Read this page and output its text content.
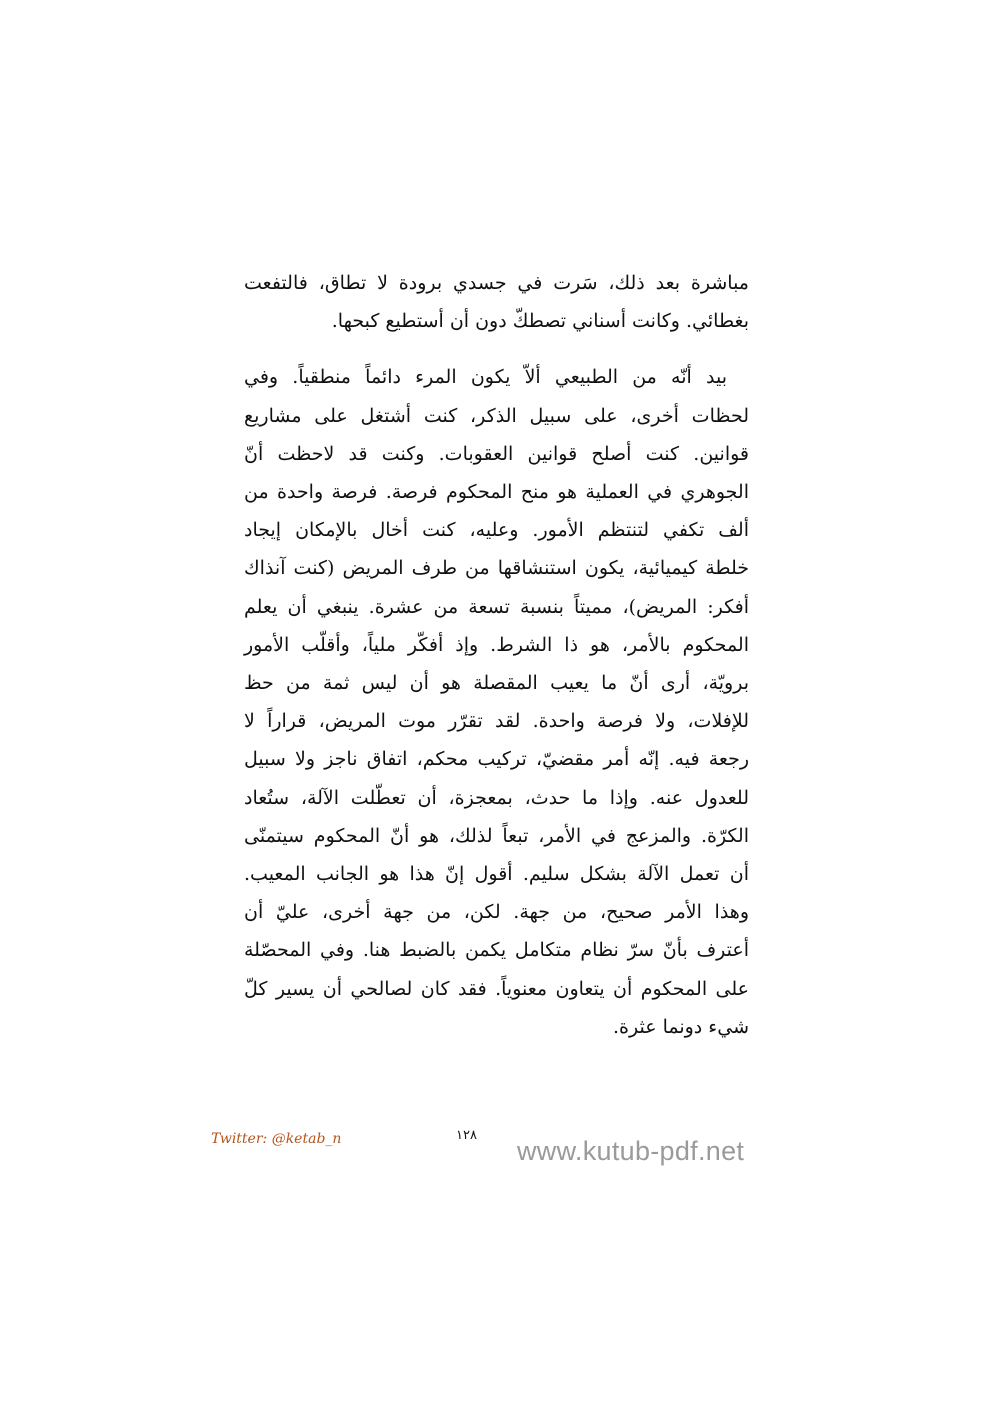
مباشرة بعد ذلك، سَرت في جسدي برودة لا تطاق، فالتفعت
بغطائي. وكانت أسناني تصطكّ دون أن أستطيع كبحها.

بيد أنّه من الطبيعي ألاّ يكون المرء دائماً منطقياً. وفي
لحظات أخرى، على سبيل الذكر، كنت أشتغل على مشاريع
قوانين. كنت أصلح قوانين العقوبات. وكنت قد لاحظت أنّ
الجوهري في العملية هو منح المحكوم فرصة. فرصة واحدة من
ألف تكفي لتنتظم الأمور. وعليه، كنت أخال بالإمكان إيجاد
خلطة كيميائية، يكون استنشاقها من طرف المريض (كنت آنذاك
أفكر: المريض)، مميتاً بنسبة تسعة من عشرة. ينبغي أن يعلم
المحكوم بالأمر، هو ذا الشرط. وإذ أفكّر ملياً، وأقلّب الأمور
برويّة، أرى أنّ ما يعيب المقصلة هو أن ليس ثمة من حظ
للإفلات، ولا فرصة واحدة. لقد تقرّر موت المريض، قراراً لا
رجعة فيه. إنّه أمر مقضيّ، تركيب محكم، اتفاق ناجز ولا سبيل
للعدول عنه. وإذا ما حدث، بمعجزة، أن تعطّلت الآلة، ستُعاد
الكرّة. والمزعج في الأمر، تبعاً لذلك، هو أنّ المحكوم سيتمنّى
أن تعمل الآلة بشكل سليم. أقول إنّ هذا هو الجانب المعيب.
وهذا الأمر صحيح، من جهة. لكن، من جهة أخرى، عليّ أن
أعترف بأنّ سرّ نظام متكامل يكمن بالضبط هنا. وفي المحصّلة
على المحكوم أن يتعاون معنوياً. فقد كان لصالحي أن يسير كلّ
شيء دونما عثرة.

Twitter: @ketab_n	١٢٨
www.kutub-pdf.net
